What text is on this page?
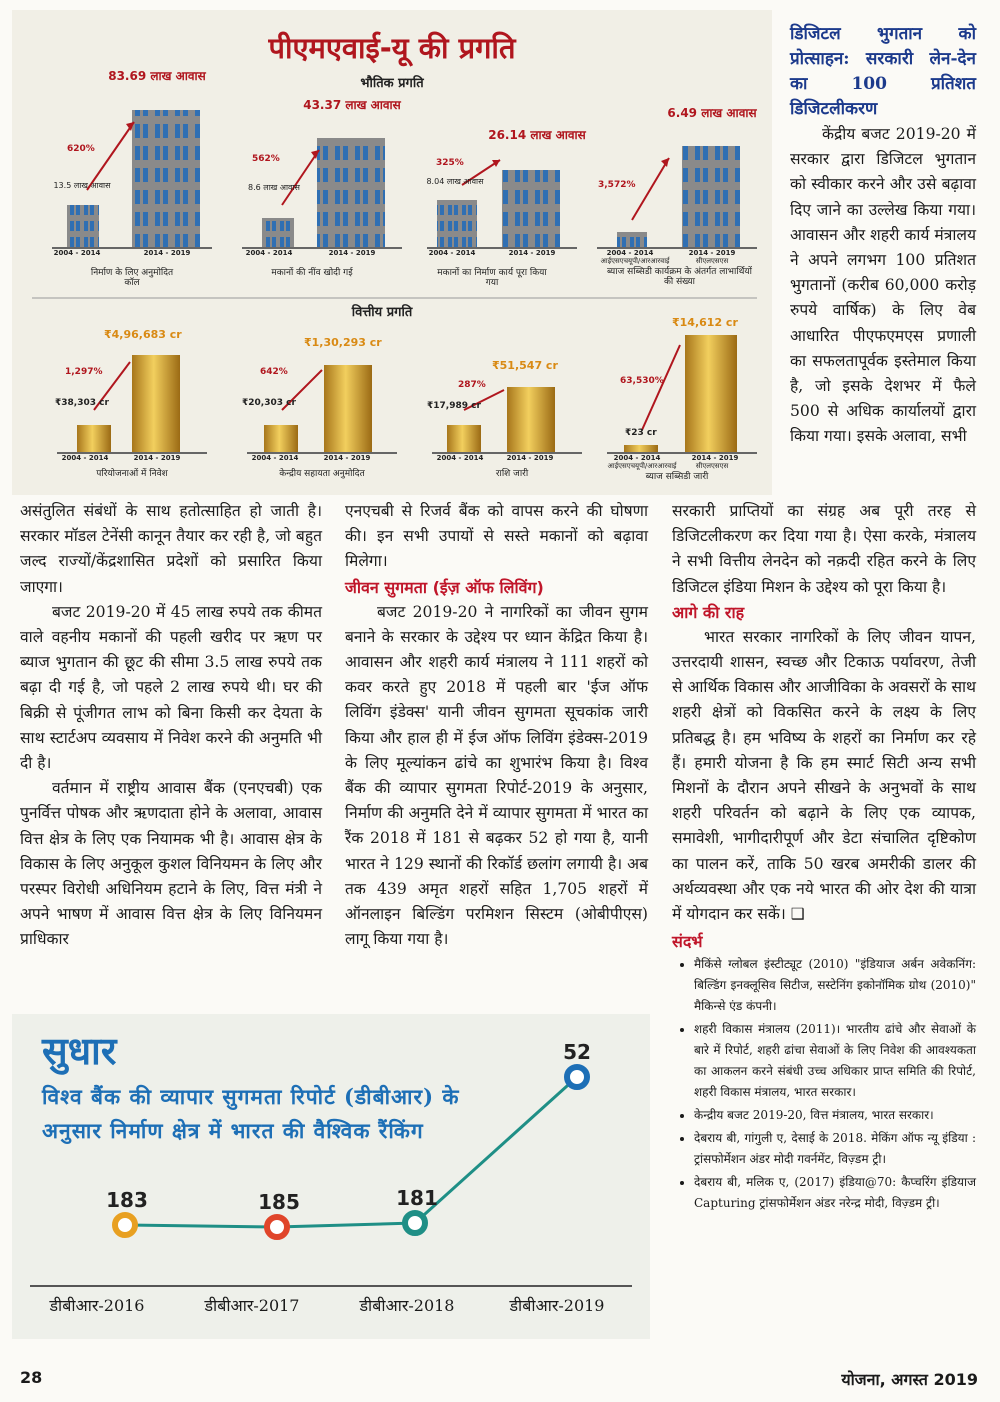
पीएमएवाई-यू की प्रगति
भौतिक प्रगति
83.69 लाख आवास
620%
13.5 लाख आवास
2004 - 2014	2014 - 2019
निर्माण के लिए अनुमोदित कॉल
43.37 लाख आवास
562%
8.6 लाख आवास
2004 - 2014	2014 - 2019
मकानों की नींव खोदी गई
26.14 लाख आवास
325%
8.04 लाख आवास
2004 - 2014	2014 - 2019
मकानों का निर्माण कार्य पूरा किया गया
6.49 लाख आवास
3,572%
2004 - 2014	2014 - 2019
आईएसएचयूपी/आरआरवाई	सीएलएसएस
ब्याज सब्सिडी कार्यक्रम के अंतर्गत लाभार्थियों की संख्या
वित्तीय प्रगति
₹4,96,683 cr
1,297%
₹38,303 cr
2004 - 2014	2014 - 2019
परियोजनाओं में निवेश
₹1,30,293 cr
642%
₹20,303 cr
2004 - 2014	2014 - 2019
केन्द्रीय सहायता अनुमोदित
₹51,547 cr
287%
₹17,989 cr
2004 - 2014	2014 - 2019
राशि जारी
₹14,612 cr
63,530%
₹23 cr
2004 - 2014	2014 - 2019
आईएसएचयूपी/आरआरवाई	सीएलएसएस
ब्याज सब्सिडी जारी
डिजिटल भुगतान को प्रोत्साहन: सरकारी लेन-देन का 100 प्रतिशत डिजिटलीकरण

केंद्रीय बजट 2019-20 में सरकार द्वारा डिजिटल भुगतान को स्वीकार करने और उसे बढ़ावा दिए जाने का उल्लेख किया गया। आवासन और शहरी कार्य मंत्रालय ने अपने लगभग 100 प्रतिशत भुगतानों (करीब 60,000 करोड़ रुपये वार्षिक) के लिए वेब आधारित पीएफएमएस प्रणाली का सफलतापूर्वक इस्तेमाल किया है, जो इसके देशभर में फैले 500 से अधिक कार्यालयों द्वारा किया गया। इसके अलावा, सभी

असंतुलित संबंधों के साथ हतोत्साहित हो जाती है। सरकार मॉडल टेनेंसी कानून तैयार कर रही है, जो बहुत जल्द राज्यों/केंद्रशासित प्रदेशों को प्रसारित किया जाएगा।

बजट 2019-20 में 45 लाख रुपये तक कीमत वाले वहनीय मकानों की पहली खरीद पर ऋण पर ब्याज भुगतान की छूट की सीमा 3.5 लाख रुपये तक बढ़ा दी गई है, जो पहले 2 लाख रुपये थी। घर की बिक्री से पूंजीगत लाभ को बिना किसी कर देयता के साथ स्टार्टअप व्यवसाय में निवेश करने की अनुमति भी दी है।

वर्तमान में राष्ट्रीय आवास बैंक (एनएचबी) एक पुनर्वित्त पोषक और ऋणदाता होने के अलावा, आवास वित्त क्षेत्र के लिए एक नियामक भी है। आवास क्षेत्र के विकास के लिए अनुकूल कुशल विनियमन के लिए और परस्पर विरोधी अधिनियम हटाने के लिए, वित्त मंत्री ने अपने भाषण में आवास वित्त क्षेत्र के लिए विनियमन प्राधिकार

एनएचबी से रिजर्व बैंक को वापस करने की घोषणा की। इन सभी उपायों से सस्ते मकानों को बढ़ावा मिलेगा।

जीवन सुगमता (ईज़ ऑफ लिविंग)

बजट 2019-20 ने नागरिकों का जीवन सुगम बनाने के सरकार के उद्देश्य पर ध्यान केंद्रित किया है। आवासन और शहरी कार्य मंत्रालय ने 111 शहरों को कवर करते हुए 2018 में पहली बार 'ईज ऑफ लिविंग इंडेक्स' यानी जीवन सुगमता सूचकांक जारी किया और हाल ही में ईज ऑफ लिविंग इंडेक्स-2019 के लिए मूल्यांकन ढांचे का शुभारंभ किया है। विश्व बैंक की व्यापार सुगमता रिपोर्ट-2019 के अनुसार, निर्माण की अनुमति देने में व्यापार सुगमता में भारत का रैंक 2018 में 181 से बढ़कर 52 हो गया है, यानी भारत ने 129 स्थानों की रिकॉर्ड छलांग लगायी है। अब तक 439 अमृत शहरों सहित 1,705 शहरों में ऑनलाइन बिल्डिंग परमिशन सिस्टम (ओबीपीएस) लागू किया गया है।

सरकारी प्राप्तियों का संग्रह अब पूरी तरह से डिजिटलीकरण कर दिया गया है। ऐसा करके, मंत्रालय ने सभी वित्तीय लेनदेन को नक़दी रहित करने के लिए डिजिटल इंडिया मिशन के उद्देश्य को पूरा किया है।

आगे की राह

भारत सरकार नागरिकों के लिए जीवन यापन, उत्तरदायी शासन, स्वच्छ और टिकाऊ पर्यावरण, तेजी से आर्थिक विकास और आजीविका के अवसरों के साथ शहरी क्षेत्रों को विकसित करने के लक्ष्य के लिए प्रतिबद्ध है। हम भविष्य के शहरों का निर्माण कर रहे हैं। हमारी योजना है कि हम स्मार्ट सिटी अन्य सभी मिशनों के दौरान अपने सीखने के अनुभवों के साथ शहरी परिवर्तन को बढ़ाने के लिए एक व्यापक, समावेशी, भागीदारीपूर्ण और डेटा संचालित दृष्टिकोण का पालन करें, ताकि 50 खरब अमरीकी डालर की अर्थव्यवस्था और एक नये भारत की ओर देश की यात्रा में योगदान कर सकें। ❑

संदर्भ
• मैकिंसे ग्लोबल इंस्टीट्यूट (2010) "इंडियाज अर्बन अवेकनिंग: बिल्डिंग इनक्लूसिव सिटीज, सस्टेनिंग इकोनॉमिक ग्रोथ (2010)" मैकिन्से एंड कंपनी।
• शहरी विकास मंत्रालय (2011)। भारतीय ढांचे और सेवाओं के बारे में रिपोर्ट, शहरी ढांचा सेवाओं के लिए निवेश की आवश्यकता का आकलन करने संबंधी उच्च अधिकार प्राप्त समिति की रिपोर्ट, शहरी विकास मंत्रालय, भारत सरकार।
• केन्द्रीय बजट 2019-20, वित्त मंत्रालय, भारत सरकार।
• देबराय बी, गांगुली ए, देसाई के 2018. मेकिंग ऑफ न्यू इंडिया : ट्रांसफोर्मेशन अंडर मोदी गवर्नमेंट, विज़्डम ट्री।
• देबराय बी, मलिक ए, (2017) इंडिया@70: कैप्चरिंग इंडियाज Capturing ट्रांसफोर्मेशन अंडर नरेन्द्र मोदी, विज़्डम ट्री।
सुधार
विश्व बैंक की व्यापार सुगमता रिपोर्ट (डीबीआर) के अनुसार निर्माण क्षेत्र में भारत की वैश्विक रैंकिंग
183	185	181
52
डीबीआर-2016	डीबीआर-2017	डीबीआर-2018	डीबीआर-2019
28	योजना, अगस्त 2019
